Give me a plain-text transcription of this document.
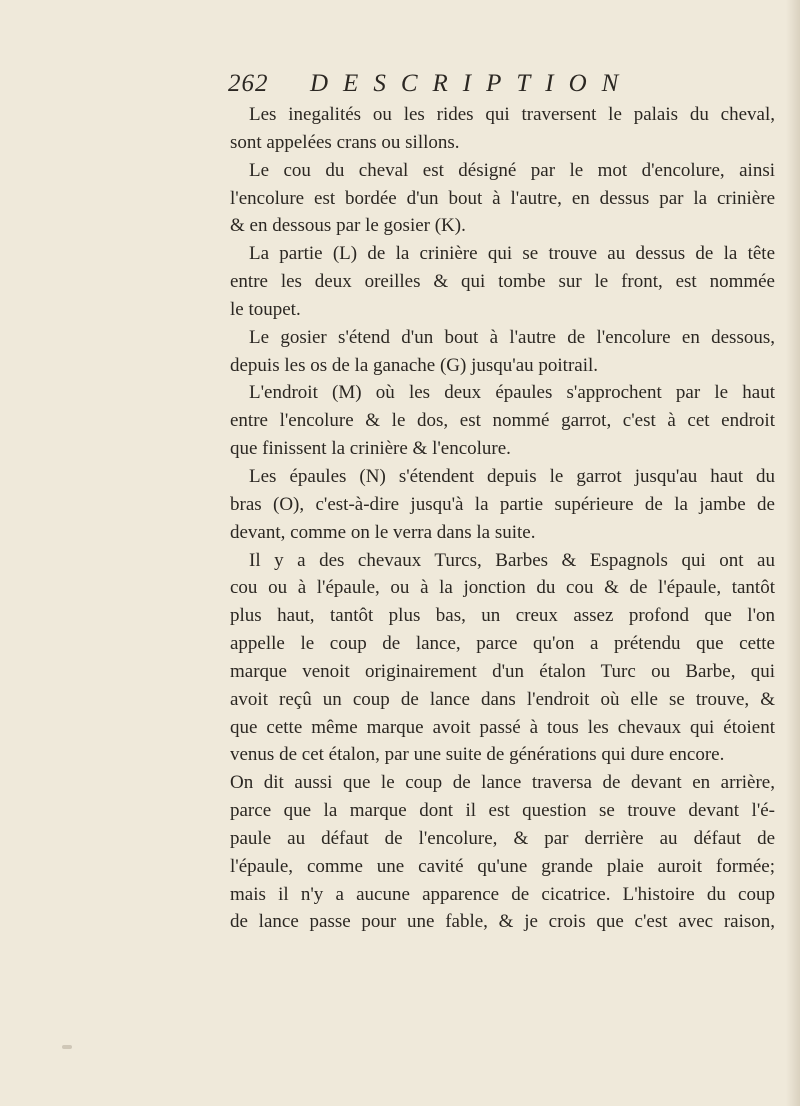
262 DESCRIPTION
Les inegalités ou les rides qui traversent le palais du cheval,
sont appelées crans ou sillons.
Le cou du cheval est désigné par le mot d'encolure, ainsi
l'encolure est bordée d'un bout à l'autre, en dessus par la crinière
& en dessous par le gosier (K).
La partie (L) de la crinière qui se trouve au dessus de la tête
entre les deux oreilles & qui tombe sur le front, est nommée
le toupet.
Le gosier s'étend d'un bout à l'autre de l'encolure en dessous,
depuis les os de la ganache (G) jusqu'au poitrail.
L'endroit (M) où les deux épaules s'approchent par le haut
entre l'encolure & le dos, est nommé garrot, c'est à cet endroit
que finissent la crinière & l'encolure.
Les épaules (N) s'étendent depuis le garrot jusqu'au haut du
bras (O), c'est-à-dire jusqu'à la partie supérieure de la jambe de
devant, comme on le verra dans la suite.
Il y a des chevaux Turcs, Barbes & Espagnols qui ont au
cou ou à l'épaule, ou à la jonction du cou & de l'épaule, tantôt
plus haut, tantôt plus bas, un creux assez profond que l'on
appelle le coup de lance, parce qu'on a prétendu que cette
marque venoit originairement d'un étalon Turc ou Barbe, qui
avoit reçû un coup de lance dans l'endroit où elle se trouve, &
que cette même marque avoit passé à tous les chevaux qui étoient
venus de cet étalon, par une suite de générations qui dure encore.
On dit aussi que le coup de lance traversa de devant en arrière,
parce que la marque dont il est question se trouve devant l'é-
paule au défaut de l'encolure, & par derrière au défaut de
l'épaule, comme une cavité qu'une grande plaie auroit formée;
mais il n'y a aucune apparence de cicatrice. L'histoire du coup
de lance passe pour une fable, & je crois que c'est avec raison,
